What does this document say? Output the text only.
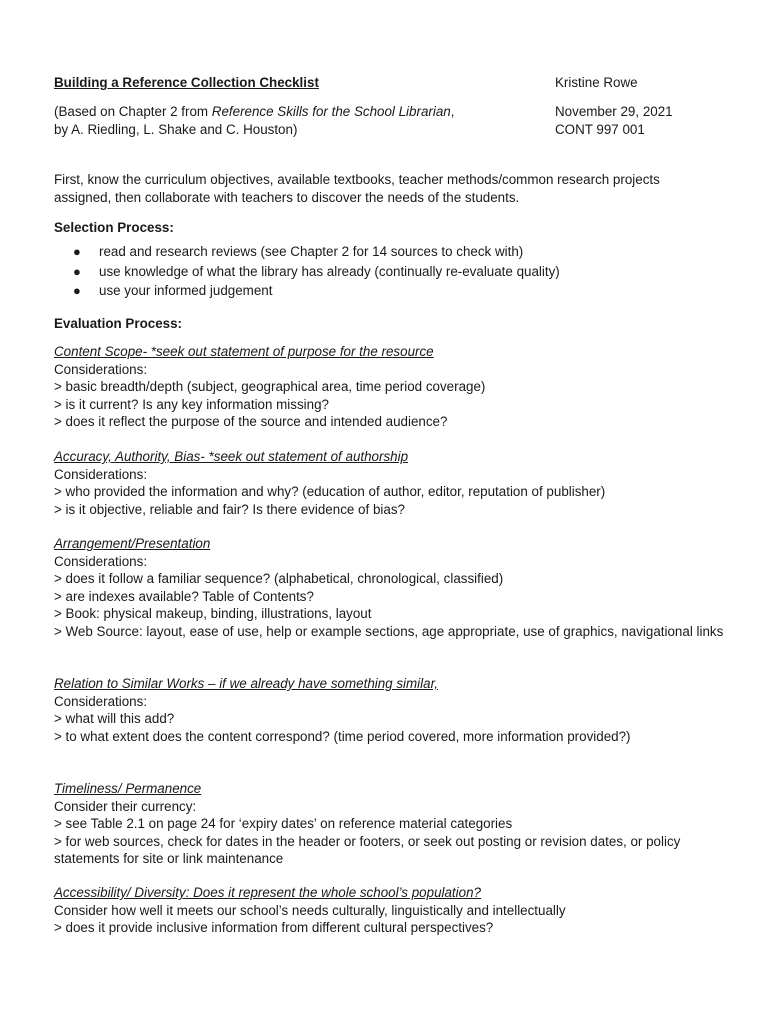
Building a Reference Collection Checklist	Kristine Rowe
(Based on Chapter 2 from Reference Skills for the School Librarian,
by A. Riedling, L. Shake and C. Houston)
November 29, 2021
CONT 997 001
First, know the curriculum objectives, available textbooks, teacher methods/common research projects assigned, then collaborate with teachers to discover the needs of the students.
Selection Process:
● read and research reviews (see Chapter 2 for 14 sources to check with)
● use knowledge of what the library has already (continually re-evaluate quality)
● use your informed judgement
Evaluation Process:
Content Scope- *seek out statement of purpose for the resource
Considerations:
> basic breadth/depth (subject, geographical area, time period coverage)
> is it current? Is any key information missing?
> does it reflect the purpose of the source and intended audience?
Accuracy, Authority, Bias- *seek out statement of authorship
Considerations:
> who provided the information and why? (education of author, editor, reputation of publisher)
> is it objective, reliable and fair? Is there evidence of bias?
Arrangement/Presentation
Considerations:
> does it follow a familiar sequence? (alphabetical, chronological, classified)
> are indexes available? Table of Contents?
> Book: physical makeup, binding, illustrations, layout
> Web Source: layout, ease of use, help or example sections, age appropriate, use of graphics, navigational links
Relation to Similar Works – if we already have something similar,
Considerations:
> what will this add?
> to what extent does the content correspond? (time period covered, more information provided?)
Timeliness/ Permanence
Consider their currency:
> see Table 2.1 on page 24 for ‘expiry dates’ on reference material categories
> for web sources, check for dates in the header or footers, or seek out posting or revision dates, or policy statements for site or link maintenance
Accessibility/ Diversity: Does it represent the whole school’s population?
Consider how well it meets our school’s needs culturally, linguistically and intellectually
> does it provide inclusive information from different cultural perspectives?
